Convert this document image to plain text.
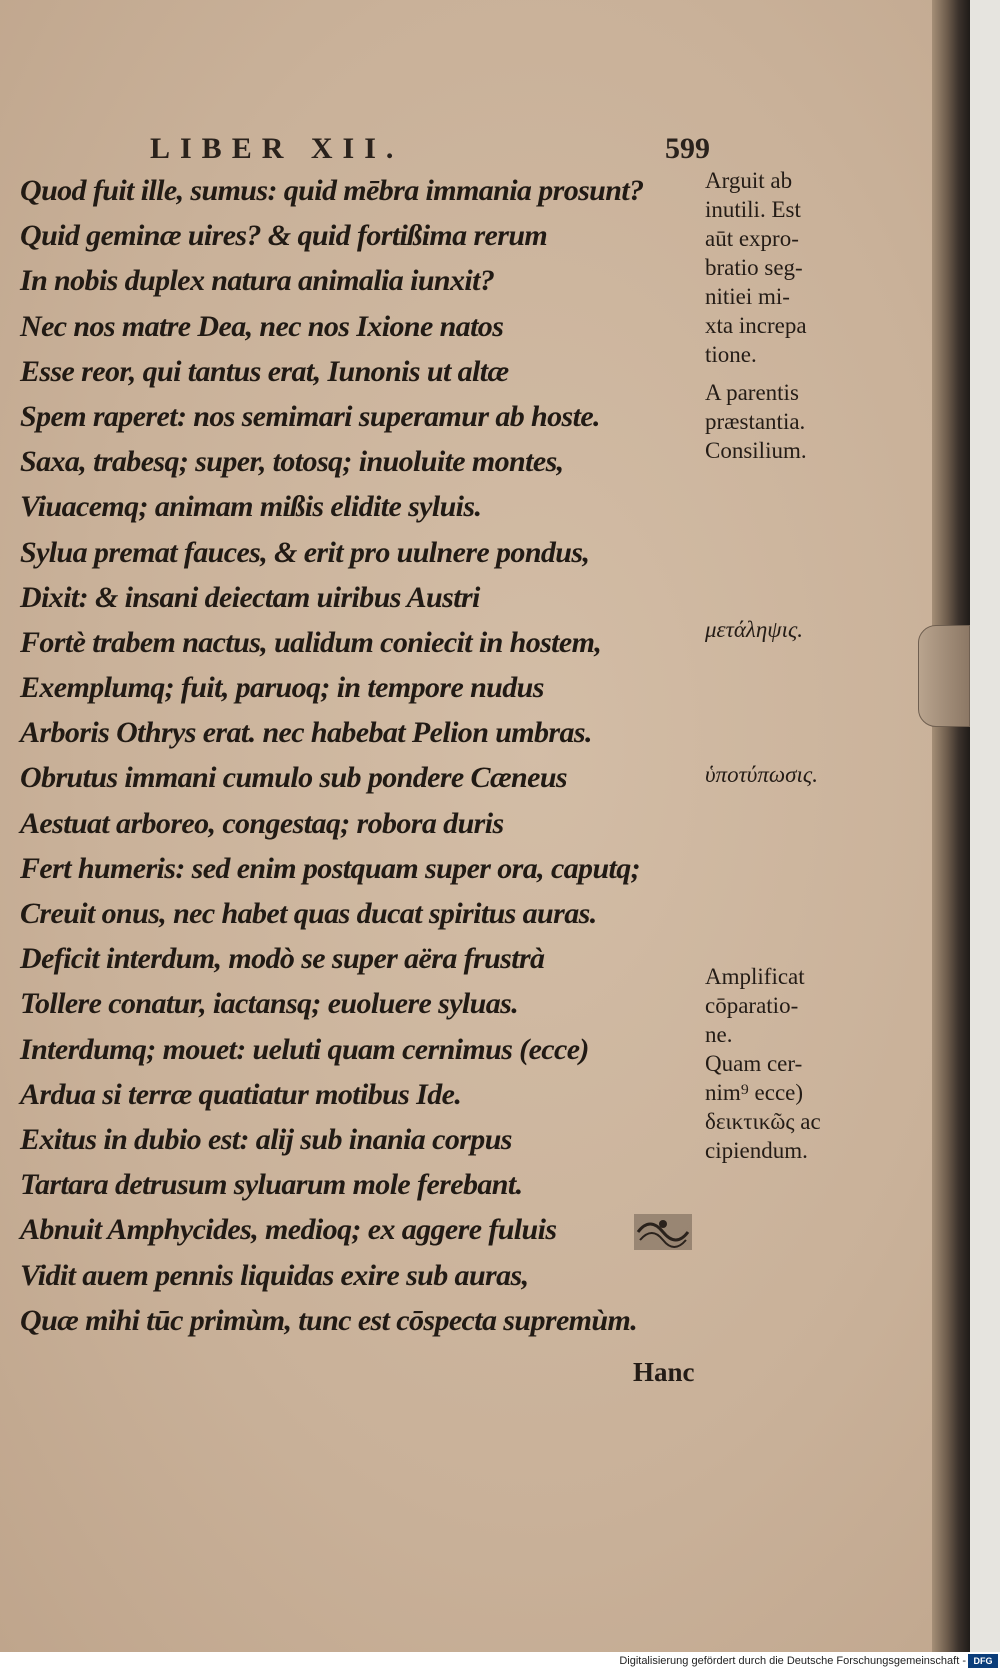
LIBER XII.	599
Quod fuit ille, sumus: quid mēbra immania prosunt?
Quid geminæ uires? & quid fortißima rerum
In nobis duplex natura animalia iunxit?
Nec nos matre Dea, nec nos Ixione natos
Esse reor, qui tantus erat, Iunonis ut altæ
Spem raperet: nos semimari superamur ab hoste.
Saxa, trabesq; super, totosq; inuoluite montes,
Viuacemq; animam mißis elidite syluis.
Sylua premat fauces, & erit pro uulnere pondus,
Dixit: & insani deiectam uiribus Austri
Fortè trabem nactus, ualidum coniecit in hostem,
Exemplumq; fuit, paruoq; in tempore nudus
Arboris Othrys erat. nec habebat Pelion umbras.
Obrutus immani cumulo sub pondere Cæneus
Aestuat arboreo, congestaq; robora duris
Fert humeris: sed enim postquam super ora, caputq;
Creuit onus, nec habet quas ducat spiritus auras.
Deficit interdum, modò se super aëra frustrà
Tollere conatur, iactansq; euoluere syluas.
Interdumq; mouet: ueluti quam cernimus (ecce)
Ardua si terræ quatiatur motibus Ide.
Exitus in dubio est: alij sub inania corpus
Tartara detrusum syluarum mole ferebant.
Abnuit Amphycides, medioq; ex aggere fuluis
Vidit auem pennis liquidas exire sub auras,
Quæ mihi tūc primùm, tunc est cōspecta supremùm.
Arguit ab
inutili. Est
aūt expro-
bratio seg-
nitiei mi-
xta increpa
tione.
A parentis
præstantia.
Consilium.
μετάληψις.
ὑποτύπωσις.
Amplificat
cōparatio-
ne.
Quam cer-
nim⁹ ecce)
δεικτικῶς ac
cipiendum.
Hanc
Digitalisierung gefördert durch die Deutsche Forschungsgemeinschaft - DFG
